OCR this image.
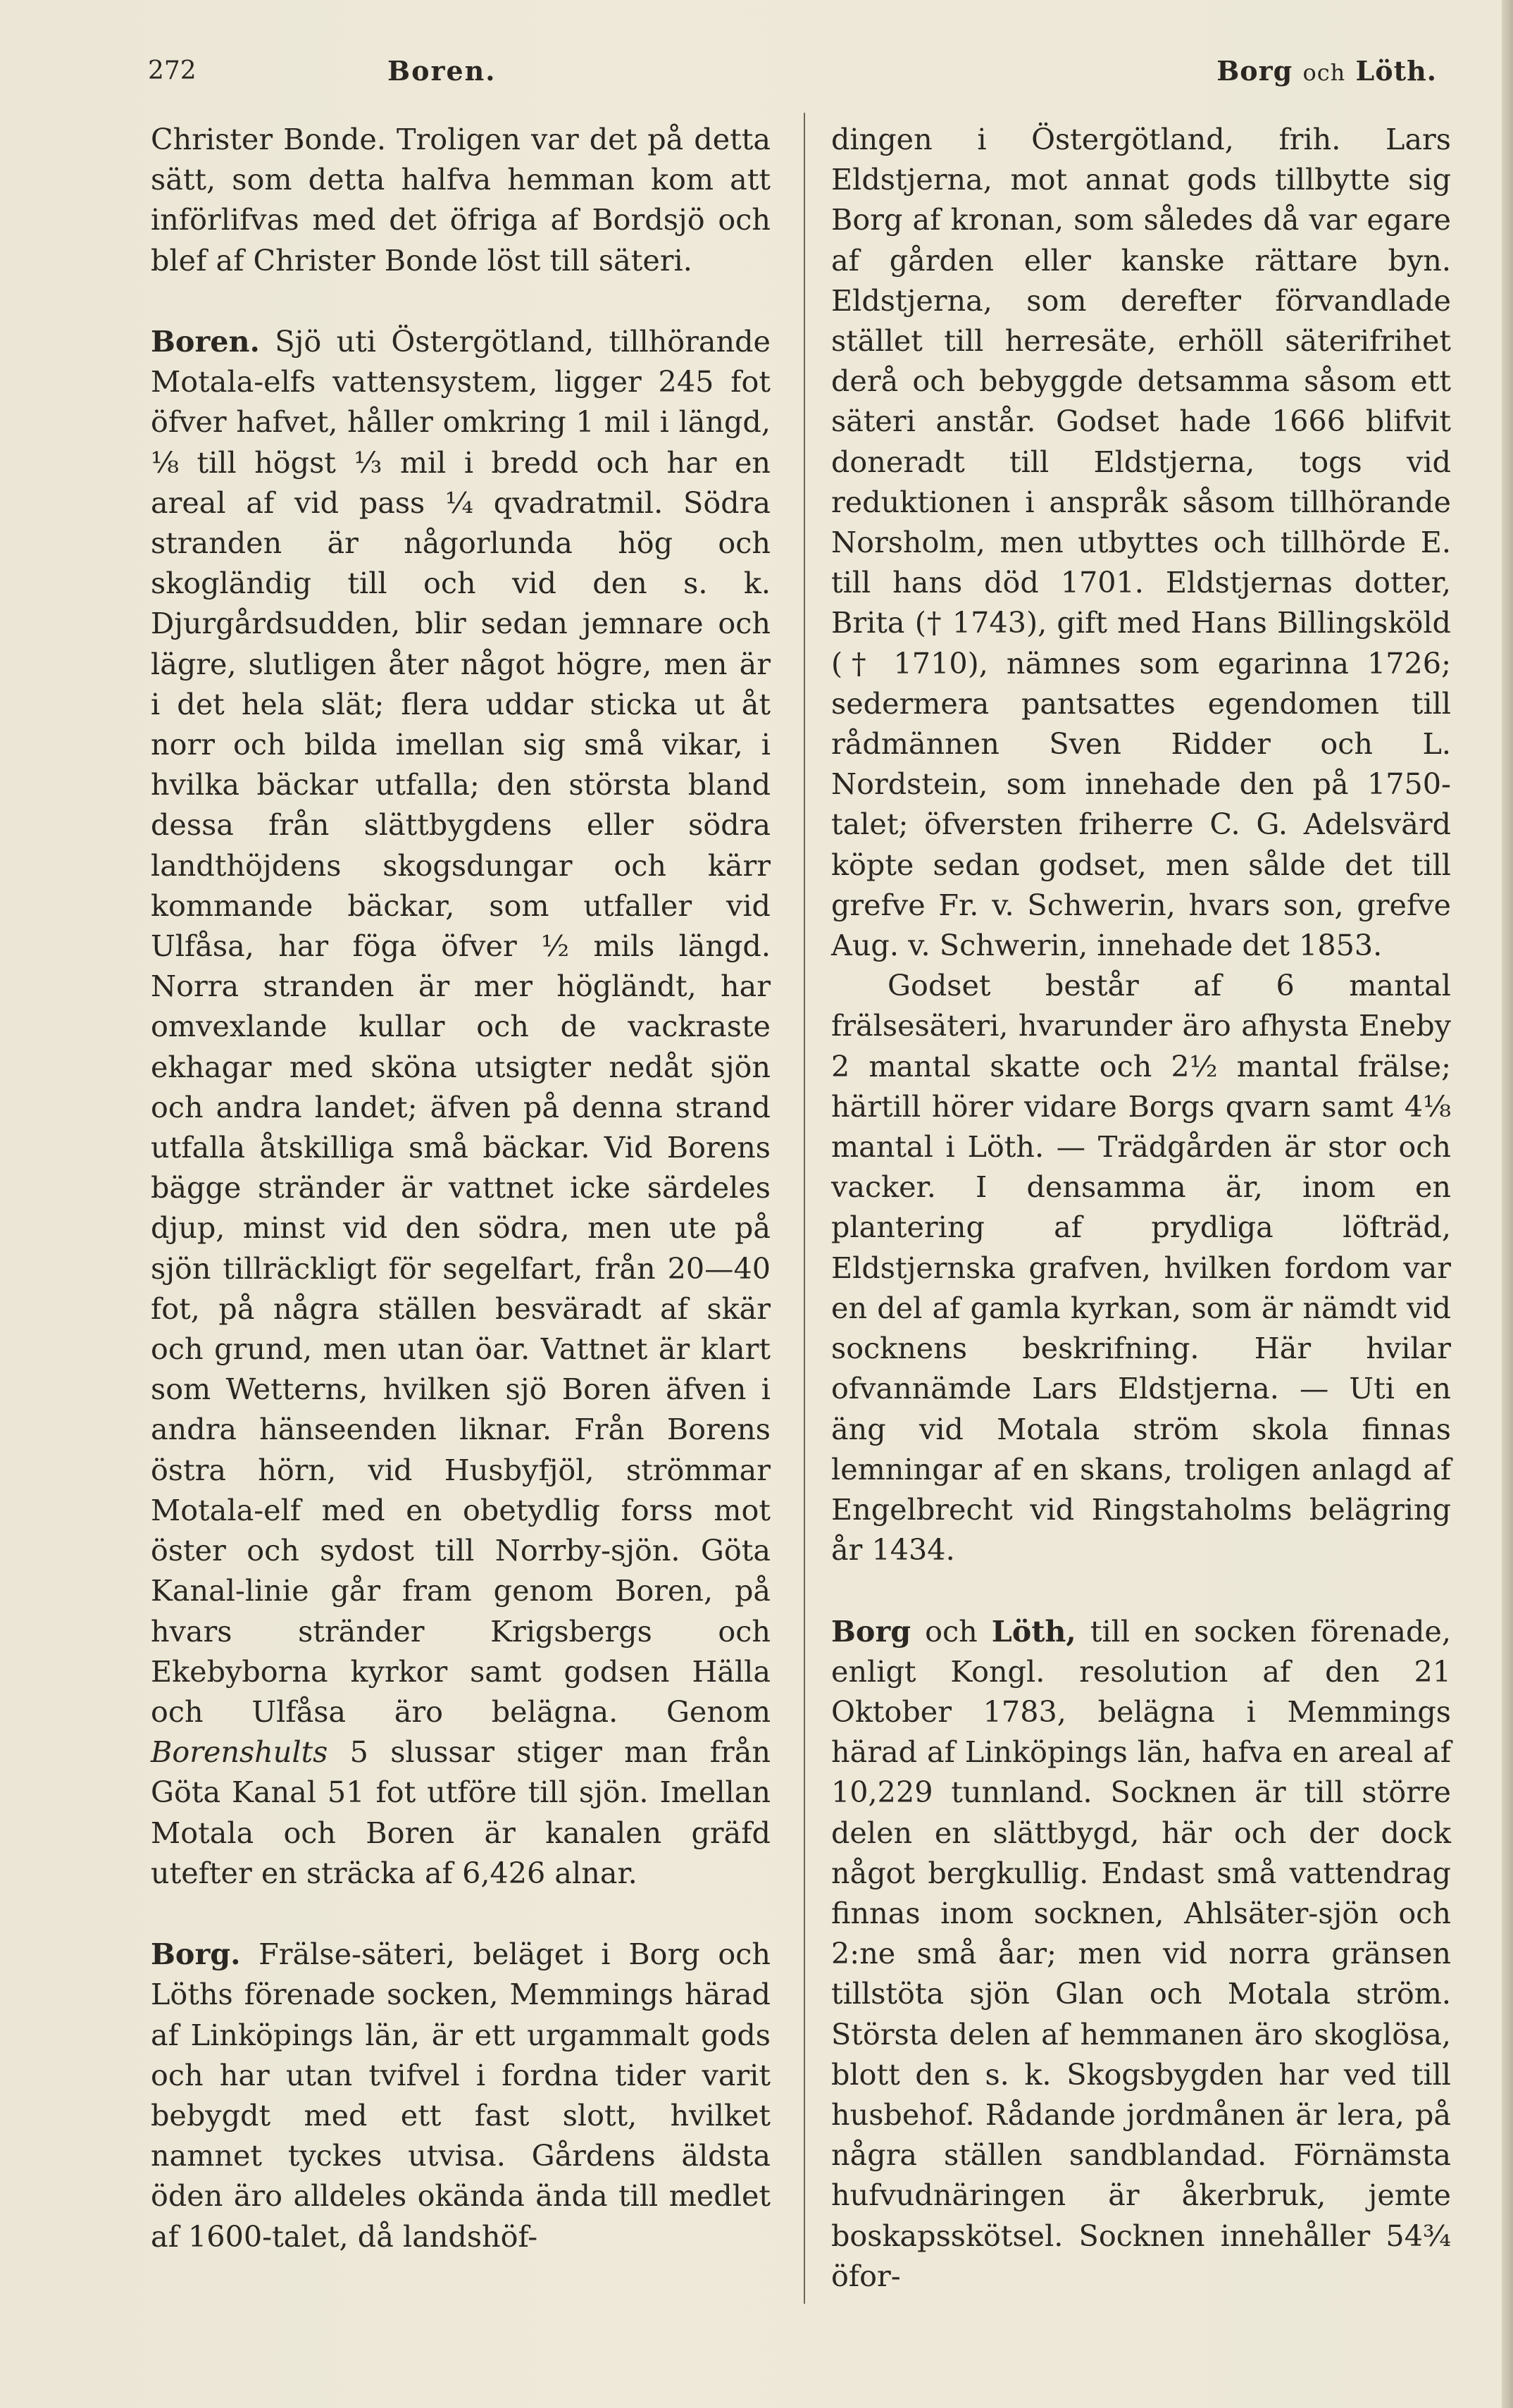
272	Boren.	Borg och Löth.

Christer Bonde. Troligen var det på detta sätt, som detta halfva hemman kom att införlifvas med det öfriga af Bordsjö och blef af Christer Bonde löst till säteri.

Boren. Sjö uti Östergötland, tillhörande Motala-elfs vattensystem, ligger 245 fot öfver hafvet, håller omkring 1 mil i längd, ⅛ till högst ⅓ mil i bredd och har en areal af vid pass ¼ qvadratmil. Södra stranden är någorlunda hög och skogländig till och vid den s. k. Djurgårdsudden, blir sedan jemnare och lägre, slutligen åter något högre, men är i det hela slät; flera uddar sticka ut åt norr och bilda imellan sig små vikar, i hvilka bäckar utfalla; den största bland dessa från slättbygdens eller södra landthöjdens skogsdungar och kärr kommande bäckar, som utfaller vid Ulfåsa, har föga öfver ½ mils längd. Norra stranden är mer högländt, har omvexlande kullar och de vackraste ekhagar med sköna utsigter nedåt sjön och andra landet; äfven på denna strand utfalla åtskilliga små bäckar. Vid Borens bägge stränder är vattnet icke särdeles djup, minst vid den södra, men ute på sjön tillräckligt för segelfart, från 20—40 fot, på några ställen besväradt af skär och grund, men utan öar. Vattnet är klart som Wetterns, hvilken sjö Boren äfven i andra hänseenden liknar. Från Borens östra hörn, vid Husbyfjöl, strömmar Motala-elf med en obetydlig forss mot öster och sydost till Norrby-sjön. Göta Kanal-linie går fram genom Boren, på hvars stränder Krigsbergs och Ekebyborna kyrkor samt godsen Hälla och Ulfåsa äro belägna. Genom Borenshults 5 slussar stiger man från Göta Kanal 51 fot utföre till sjön. Imellan Motala och Boren är kanalen gräfd utefter en sträcka af 6,426 alnar.

Borg. Frälse-säteri, beläget i Borg och Löths förenade socken, Memmings härad af Linköpings län, är ett urgammalt gods och har utan tvifvel i fordna tider varit bebygdt med ett fast slott, hvilket namnet tyckes utvisa. Gårdens äldsta öden äro alldeles okända ända till medlet af 1600-talet, då landshöf-

dingen i Östergötland, frih. Lars Eldstjerna, mot annat gods tillbytte sig Borg af kronan, som således då var egare af gården eller kanske rättare byn. Eldstjerna, som derefter förvandlade stället till herresäte, erhöll säterifrihet derå och bebyggde detsamma såsom ett säteri anstår. Godset hade 1666 blifvit doneradt till Eldstjerna, togs vid reduktionen i anspråk såsom tillhörande Norsholm, men utbyttes och tillhörde E. till hans död 1701. Eldstjernas dotter, Brita († 1743), gift med Hans Billingsköld († 1710), nämnes som egarinna 1726; sedermera pantsattes egendomen till rådmännen Sven Ridder och L. Nordstein, som innehade den på 1750-talet; öfversten friherre C. G. Adelsvärd köpte sedan godset, men sålde det till grefve Fr. v. Schwerin, hvars son, grefve Aug. v. Schwerin, innehade det 1853.

Godset består af 6 mantal frälsesäteri, hvarunder äro afhysta Eneby 2 mantal skatte och 2½ mantal frälse; härtill hörer vidare Borgs qvarn samt 4⅛ mantal i Löth. — Trädgården är stor och vacker. I densamma är, inom en plantering af prydliga löfträd, Eldstjernska grafven, hvilken fordom var en del af gamla kyrkan, som är nämdt vid socknens beskrifning. Här hvilar ofvannämde Lars Eldstjerna. — Uti en äng vid Motala ström skola finnas lemningar af en skans, troligen anlagd af Engelbrecht vid Ringstaholms belägring år 1434.

Borg och Löth, till en socken förenade, enligt Kongl. resolution af den 21 Oktober 1783, belägna i Memmings härad af Linköpings län, hafva en areal af 10,229 tunnland. Socknen är till större delen en slättbygd, här och der dock något bergkullig. Endast små vattendrag finnas inom socknen, Ahlsäter-sjön och 2:ne små åar; men vid norra gränsen tillstöta sjön Glan och Motala ström. Största delen af hemmanen äro skoglösa, blott den s. k. Skogsbygden har ved till husbehof. Rådande jordmånen är lera, på några ställen sandblandad. Förnämsta hufvudnäringen är åkerbruk, jemte boskapsskötsel. Socknen innehåller 54¾ öfor-
